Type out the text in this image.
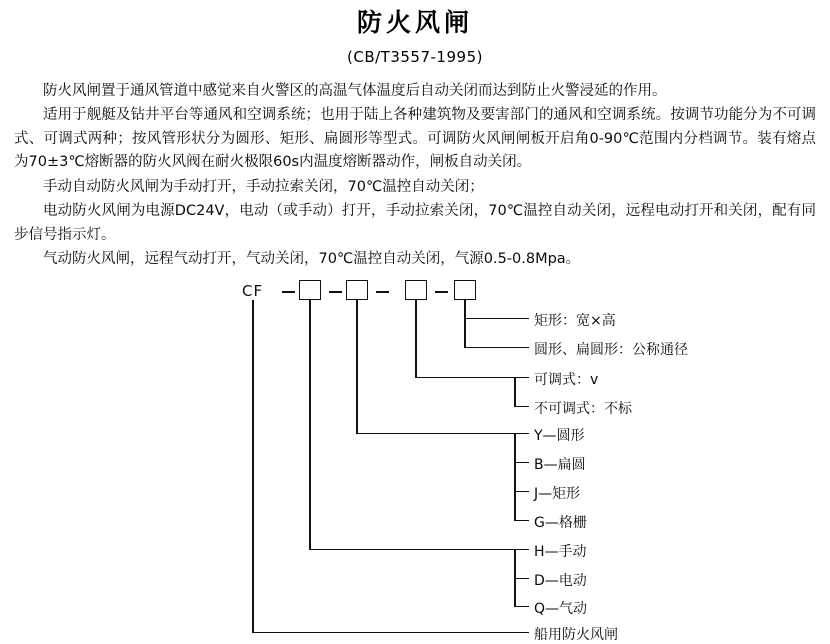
防火风闸
(CB/T3557-1995)

防火风闸置于通风管道中感觉来自火警区的高温气体温度后自动关闭而达到防止火警浸延的作用。

适用于舰艇及钻井平台等通风和空调系统；也用于陆上各种建筑物及要害部门的通风和空调系统。按调节功能分为不可调式、可调式两种；按风管形状分为圆形、矩形、扁圆形等型式。可调防火风闸闸板开启角0-90℃范围内分档调节。装有熔点为70±3℃熔断器的防火风阀在耐火极限60s内温度熔断器动作，闸板自动关闭。

手动自动防火风闸为手动打开，手动拉索关闭，70℃温控自动关闭；

电动防火风闸为电源DC24V，电动（或手动）打开，手动拉索关闭，70℃温控自动关闭，远程电动打开和关闭，配有同步信号指示灯。

气动防火风闸，远程气动打开，气动关闭，70℃温控自动关闭，气源0.5-0.8Mpa。

CF
矩形：宽×高
圆形、扁圆形：公称通径
可调式：v
不可调式：不标
Y—圆形
B—扁圆
J—矩形
G—格栅
H—手动
D—电动
Q—气动
船用防火风闸
